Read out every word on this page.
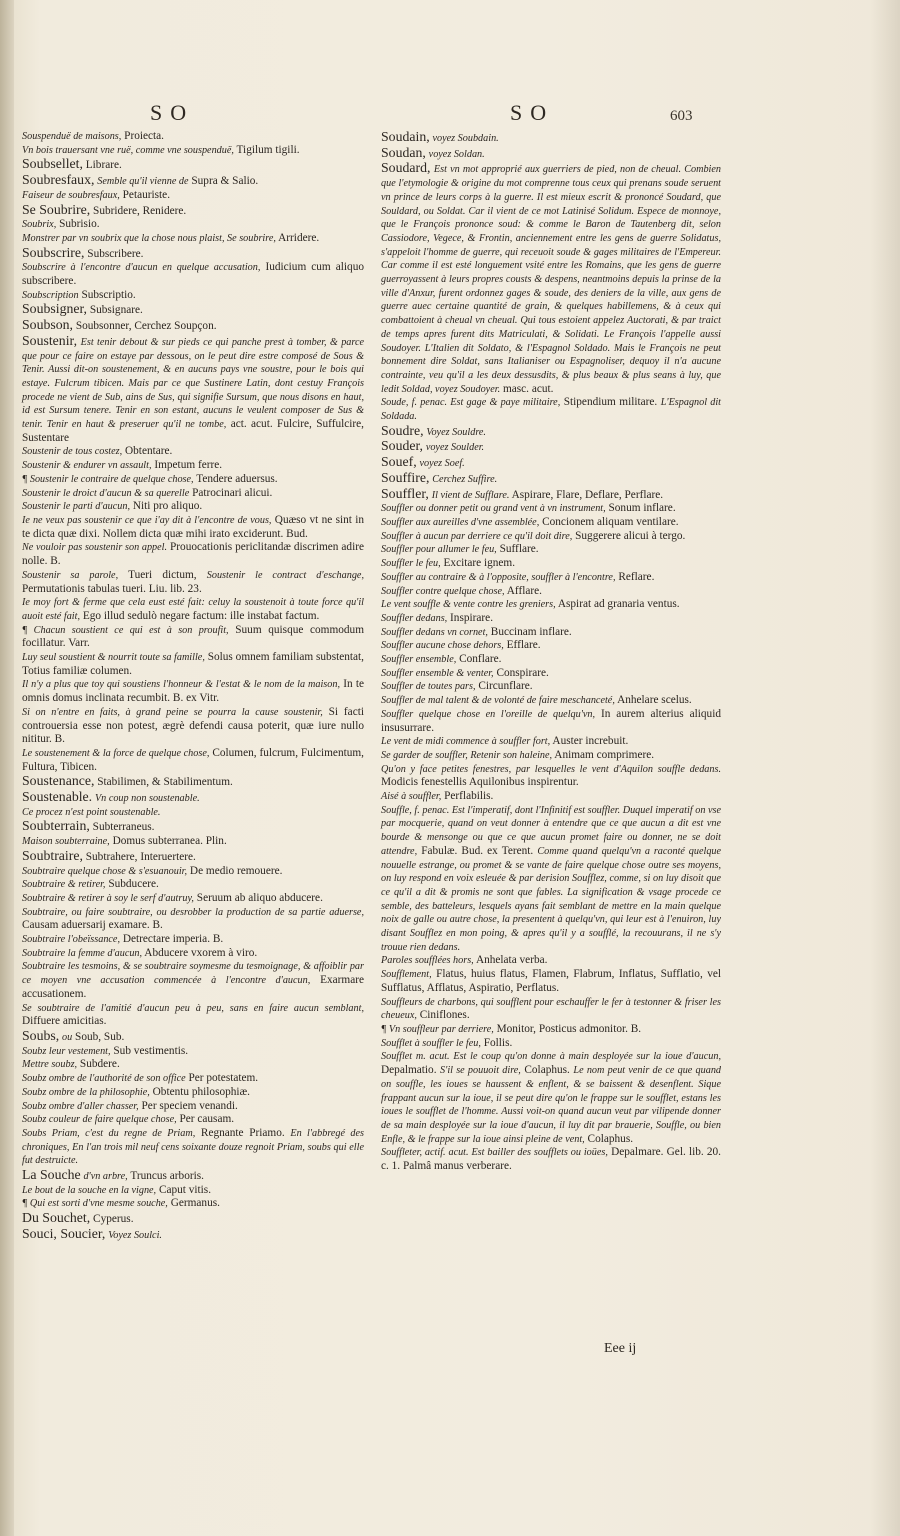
SO	SO	603

Souspenduë de maisons, Proiecta.

Vn bois trauersant vne ruë, comme vne souspenduë, Tigilum tigili.

Soubsellet, Librare.

Soubresfaux, Semble qu'il vienne de Supra & Salio.

Faiseur de soubresfaux, Petauriste.

Se Soubrire, Subridere, Renidere.

Soubrix, Subrisio.

Monstrer par vn soubrix que la chose nous plaist, Se soubrire, Arridere.

Soubscrire, Subscribere.

Soubscrire à l'encontre d'aucun en quelque accusation, Iudicium cum aliquo subscribere.

Soubscription Subscriptio.

Soubsigner, Subsignare.

Soubson, Soubsonner, Cerchez Soupçon.

Soustenir, Est tenir debout & sur pieds ce qui panche prest à tomber, & parce que pour ce faire on estaye par dessous, on le peut dire estre composé de Sous & Tenir. Aussi dit-on soustenement, & en aucuns pays vne soustre, pour le bois qui estaye. Fulcrum tibicen. Mais par ce que Sustinere Latin, dont cestuy François procede ne vient de Sub, ains de Sus, qui signifie Sursum, que nous disons en haut, id est Sursum tenere. Tenir en son estant, aucuns le veulent composer de Sus & tenir. Tenir en haut & preseruer qu'il ne tombe, act. acut. Fulcire, Suffulcire, Sustentare

Soustenir de tous costez, Obtentare.

Soustenir & endurer vn assault, Impetum ferre.

¶ Soustenir le contraire de quelque chose, Tendere aduersus.

Soustenir le droict d'aucun & sa querelle Patrocinari alicui.

Soustenir le parti d'aucun, Niti pro aliquo.

Ie ne veux pas soustenir ce que i'ay dit à l'encontre de vous, Quæso vt ne sint in te dicta quæ dixi. Nollem dicta quæ mihi irato exciderunt. Bud.

Ne vouloir pas soustenir son appel. Prouocationis periclitandæ discrimen adire nolle. B.

Soustenir sa parole, Tueri dictum, Soustenir le contract d'eschange, Permutationis tabulas tueri. Liu. lib. 23.

Ie moy fort & ferme que cela eust esté fait: celuy la soustenoit à toute force qu'il auoit esté fait, Ego illud sedulò negare factum: ille instabat factum.

¶ Chacun soustient ce qui est à son proufit, Suum quisque commodum focillatur. Varr.

Luy seul soustient & nourrit toute sa famille, Solus omnem familiam substentat, Totius familiæ columen.

Il n'y a plus que toy qui soustiens l'honneur & l'estat & le nom de la maison, In te omnis domus inclinata recumbit. B. ex Vitr.

Si on n'entre en faits, à grand peine se pourra la cause soustenir, Si facti controuersia esse non potest, ægrè defendi causa poterit, quæ iure nullo nititur. B.

Le soustenement & la force de quelque chose, Columen, fulcrum, Fulcimentum, Fultura, Tibicen.

Soustenance, Stabilimen, & Stabilimentum.

Soustenable. Vn coup non soustenable.

Ce procez n'est point soustenable.

Soubterrain, Subterraneus.

Maison soubterraine, Domus subterranea. Plin.

Soubtraire, Subtrahere, Interuertere.

Soubtraire quelque chose & s'esuanouir, De medio remouere.

Soubtraire & retirer, Subducere.

Soubtraire & retirer à soy le serf d'autruy, Seruum ab aliquo abducere.

Soubtraire, ou faire soubtraire, ou desrobber la production de sa partie aduerse, Causam aduersarij examare. B.

Soubtraire l'obeïssance, Detrectare imperia. B.

Soubtraire la femme d'aucun, Abducere vxorem à viro.

Soubtraire les tesmoins, & se soubtraire soymesme du tesmoignage, & affoiblir par ce moyen vne accusation commencée à l'encontre d'aucun, Exarmare accusationem.

Se soubtraire de l'amitié d'aucun peu à peu, sans en faire aucun semblant, Diffuere amicitias.

Soubs, ou Soub, Sub.

Soubz leur vestement, Sub vestimentis.

Mettre soubz, Subdere.

Soubz ombre de l'authorité de son office Per potestatem.

Soubz ombre de la philosophie, Obtentu philosophiæ.

Soubz ombre d'aller chasser, Per speciem venandi.

Soubz couleur de faire quelque chose, Per causam.

Soubs Priam, c'est du regne de Priam, Regnante Priamo. En l'abbregé des chroniques, En l'an trois mil neuf cens soixante douze regnoit Priam, soubs qui elle fut destruicte.

La Souche d'vn arbre, Truncus arboris.

Le bout de la souche en la vigne, Caput vitis.

¶ Qui est sorti d'vne mesme souche, Germanus.

Du Souchet, Cyperus.

Souci, Soucier, Voyez Soulci.

Soudain, voyez Soubdain.

Soudan, voyez Soldan.

Soudard, Est vn mot approprié aux guerriers de pied, non de cheual. Combien que l'etymologie & origine du mot comprenne tous ceux qui prenans soude seruent vn prince de leurs corps à la guerre. Il est mieux escrit & prononcé Soudard, que Souldard, ou Soldat. Car il vient de ce mot Latinisé Solidum. Espece de monnoye, que le François prononce soud: & comme le Baron de Tautenberg dit, selon Cassiodore, Vegece, & Frontin, anciennement entre les gens de guerre Solidatus, s'appeloit l'homme de guerre, qui receuoit soude & gages militaires de l'Empereur. Car comme il est esté longuement vsité entre les Romains, que les gens de guerre guerroyassent à leurs propres cousts & despens, neantmoins depuis la prinse de la ville d'Anxur, furent ordonnez gages & soude, des deniers de la ville, aux gens de guerre auec certaine quantité de grain, & quelques habillemens, & à ceux qui combattoient à cheual vn cheual. Qui tous estoient appelez Auctorati, & par traict de temps apres furent dits Matriculati, & Solidati. Le François l'appelle aussi Soudoyer. L'Italien dit Soldato, & l'Espagnol Soldado. Mais le François ne peut bonnement dire Soldat, sans Italianiser ou Espagnoliser, dequoy il n'a aucune contrainte, veu qu'il a les deux dessusdits, & plus beaux & plus seans à luy, que ledit Soldad, voyez Soudoyer. masc. acut.

Soude, f. penac. Est gage & paye militaire, Stipendium militare. L'Espagnol dit Soldada.

Soudre, Voyez Souldre.

Souder, voyez Soulder.

Souef, voyez Soef.

Souffire, Cerchez Suffire.

Souffler, Il vient de Sufflare. Aspirare, Flare, Deflare, Perflare.

Souffler ou donner petit ou grand vent à vn instrument, Sonum inflare.

Souffler aux aureilles d'vne assemblée, Concionem aliquam ventilare.

Souffler à aucun par derriere ce qu'il doit dire, Suggerere alicui à tergo.

Souffler pour allumer le feu, Sufflare.

Souffler le feu, Excitare ignem.

Souffler au contraire & à l'opposite, souffler à l'encontre, Reflare.

Souffler contre quelque chose, Afflare.

Le vent souffle & vente contre les greniers, Aspirat ad granaria ventus.

Souffler dedans, Inspirare.

Souffler dedans vn cornet, Buccinam inflare.

Souffler aucune chose dehors, Efflare.

Souffler ensemble, Conflare.

Souffler ensemble & venter, Conspirare.

Souffler de toutes pars, Circunflare.

Souffler de mal talent & de volonté de faire meschanceté, Anhelare scelus.

Souffler quelque chose en l'oreille de quelqu'vn, In aurem alterius aliquid insusurrare.

Le vent de midi commence à souffler fort, Auster increbuit.

Se garder de souffler, Retenir son haleine, Animam comprimere.

Qu'on y face petites fenestres, par lesquelles le vent d'Aquilon souffle dedans. Modicis fenestellis Aquilonibus inspirentur.

Aisé à souffler, Perflabilis.

Souffle, f. penac. Est l'imperatif, dont l'Infinitif est souffler. Duquel imperatif on vse par mocquerie, quand on veut donner à entendre que ce que aucun a dit est vne bourde & mensonge ou que ce que aucun promet faire ou donner, ne se doit attendre, Fabulæ. Bud. ex Terent. Comme quand quelqu'vn a raconté quelque nouuelle estrange, ou promet & se vante de faire quelque chose outre ses moyens, on luy respond en voix esleuée & par derision Soufflez, comme, si on luy disoit que ce qu'il a dit & promis ne sont que fables. La signification & vsage procede ce semble, des batteleurs, lesquels ayans fait semblant de mettre en la main quelque noix de galle ou autre chose, la presentent à quelqu'vn, qui leur est à l'enuiron, luy disant Soufflez en mon poing, & apres qu'il y a soufflé, la recouurans, il ne s'y trouue rien dedans.

Paroles soufflées hors, Anhelata verba.

Soufflement, Flatus, huius flatus, Flamen, Flabrum, Inflatus, Sufflatio, vel Sufflatus, Afflatus, Aspiratio, Perflatus.

Souffleurs de charbons, qui soufflent pour eschauffer le fer à testonner & friser les cheueux, Ciniflones.

¶ Vn souffleur par derriere, Monitor, Posticus admonitor. B.

Soufflet à souffler le feu, Follis.

Soufflet m. acut. Est le coup qu'on donne à main desployée sur la ioue d'aucun, Depalmatio. S'il se pouuoit dire, Colaphus. Le nom peut venir de ce que quand on souffle, les ioues se haussent & enflent, & se baissent & desenflent. Sique frappant aucun sur la ioue, il se peut dire qu'on le frappe sur le soufflet, estans les ioues le soufflet de l'homme. Aussi voit-on quand aucun veut par vilipende donner de sa main desployée sur la ioue d'aucun, il luy dit par brauerie, Souffle, ou bien Enfle, & le frappe sur la ioue ainsi pleine de vent, Colaphus.

Souffleter, actif. acut. Est bailler des soufflets ou ioües, Depalmare. Gel. lib. 20. c. 1. Palmâ manus verberare.

Eee ij
